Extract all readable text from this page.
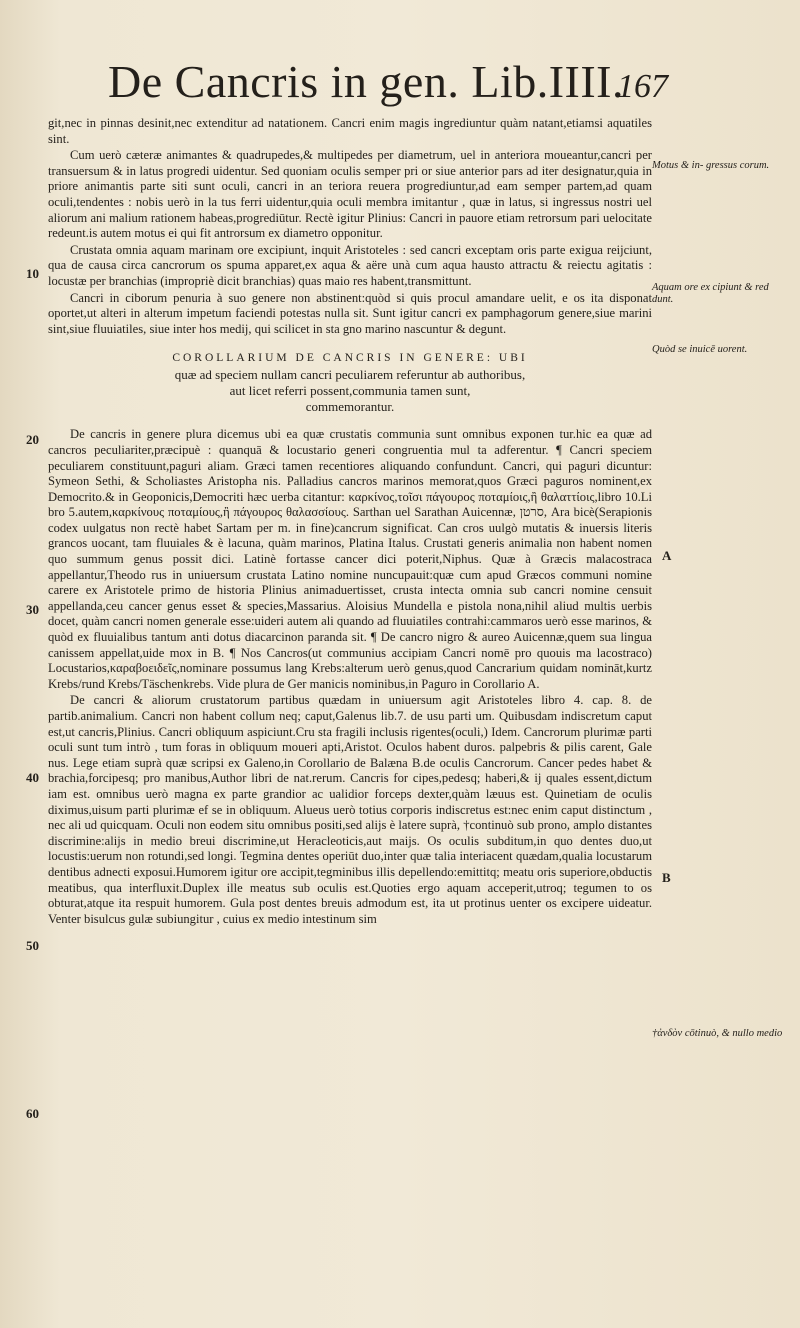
De Cancris in gen. Lib.IIII.
167
10
20
30
40
50
60
Motus & in- gressus corum.
Aquam ore ex cipiunt & red dunt.
Quòd se inuicē uorent.
A
B
†ἀνδὸν cōtinuò, & nullo medio

git,nec in pinnas desinit,nec extenditur ad natationem. Cancri enim magis ingrediuntur quàm natant,etiamsi aquatiles sint.

Cum uerò cæteræ animantes & quadrupedes,& multipedes per diametrum, uel in anteriora moueantur,cancri per transuersum & in latus progredi uidentur. Sed quoniam oculis semper pri or siue anterior pars ad iter designatur,quia in priore animantis parte siti sunt oculi, cancri in an teriora reuera progrediuntur,ad eam semper partem,ad quam oculi,tendentes : nobis uerò in la tus ferri uidentur,quia oculi membra imitantur , quæ in latus, si ingressus nostri uel aliorum ani malium rationem habeas,progrediūtur. Rectè igitur Plinius: Cancri in pauore etiam retrorsum pari uelocitate redeunt.is autem motus ei qui fit antrorsum ex diametro opponitur.

Crustata omnia aquam marinam ore excipiunt, inquit Aristoteles : sed cancri exceptam oris parte exigua reijciunt, qua de causa circa cancrorum os spuma apparet,ex aqua & aëre unà cum aqua hausto attractu & reiectu agitatis : locustæ per branchias (impropriè dicit branchias) quas maio res habent,transmittunt.

Cancri in ciborum penuria à suo genere non abstinent:quòd si quis procul amandare uelit, e os ita disponat oportet,ut alteri in alterum impetum faciendi potestas nulla sit. Sunt igitur cancri ex pamphagorum genere,siue marini sint,siue fluuiatiles, siue inter hos medij, qui scilicet in sta gno marino nascuntur & degunt.

COROLLARIUM DE CANCRIS IN GENERE: UBI
quæ ad speciem nullam cancri peculiarem referuntur ab authoribus,
aut licet referri possent,communia tamen sunt,
commemorantur.

De cancris in genere plura dicemus ubi ea quæ crustatis communia sunt omnibus exponen tur.hic ea quæ ad cancros peculiariter,præcipuè : quanquā & locustario generi congruentia mul ta adferentur. ¶ Cancri speciem peculiarem constituunt,paguri aliam. Græci tamen recentiores aliquando confundunt. Cancri, qui paguri dicuntur: Symeon Sethi, & Scholiastes Aristopha nis. Palladius cancros marinos memorat,quos Græci paguros nominent,ex Democrito.& in Geoponicis,Democriti hæc uerba citantur: καρκίνος,τοῖσι πάγουρος ποταμίοις,ἢ θαλαττίοις,libro 10.Li bro 5.autem,καρκίνους ποταμίους,ἢ πάγουρος θαλασσίους. Sarthan uel Sarathan Auicennæ, סרטן, Ara bicè(Serapionis codex uulgatus non rectè habet Sartam per m. in fine)cancrum significat. Can cros uulgò mutatis & inuersis literis grancos uocant, tam fluuiales & è lacuna, quàm marinos, Platina Italus. Crustati generis animalia non habent nomen quo summum genus possit dici. Latinè fortasse cancer dici poterit,Niphus. Quæ à Græcis malacostraca appellantur,Theodo rus in uniuersum crustata Latino nomine nuncupauit:quæ cum apud Græcos communi nomine carere ex Aristotele primo de historia Plinius animaduertisset, crusta intecta omnia sub cancri nomine censuit appellanda,ceu cancer genus esset & species,Massarius. Aloisius Mundella e pistola nona,nihil aliud multis uerbis docet, quàm cancri nomen generale esse:uideri autem ali quando ad fluuiatiles contrahi:cammaros uerò esse marinos, & quòd ex fluuialibus tantum anti dotus diacarcinon paranda sit. ¶ De cancro nigro & aureo Auicennæ,quem sua lingua canissem appellat,uide mox in B. ¶ Nos Cancros(ut communius accipiam Cancri nomē pro quouis ma lacostraco) Locustarios,καραβοειδεῖς,nominare possumus lang Krebs:alterum uerò genus,quod Cancrarium quidam nomināt,kurtz Krebs/rund Krebs/Täschenkrebs. Vide plura de Ger manicis nominibus,in Paguro in Corollario A.

De cancri & aliorum crustatorum partibus quædam in uniuersum agit Aristoteles libro 4. cap. 8. de partib.animalium. Cancri non habent collum neq; caput,Galenus lib.7. de usu parti um. Quibusdam indiscretum caput est,ut cancris,Plinius. Cancri obliquum aspiciunt.Cru sta fragili inclusis rigentes(oculi,) Idem. Cancrorum plurimæ parti oculi sunt tum intrò , tum foras in obliquum moueri apti,Aristot. Oculos habent duros. palpebris & pilis carent, Gale nus. Lege etiam suprà quæ scripsi ex Galeno,in Corollario de Balæna B.de oculis Cancrorum. Cancer pedes habet & brachia,forcipesq; pro manibus,Author libri de nat.rerum. Cancris for cipes,pedesq; haberi,& ij quales essent,dictum iam est. omnibus uerò magna ex parte grandior ac ualidior forceps dexter,quàm læuus est. Quinetiam de oculis diximus,uisum parti plurimæ ef se in obliquum. Alueus uerò totius corporis indiscretus est:nec enim caput distinctum , nec ali ud quicquam. Oculi non eodem situ omnibus positi,sed alijs è latere suprà, †continuò sub prono, amplo distantes discrimine:alijs in medio breui discrimine,ut Heracleoticis,aut maijs. Os oculis subditum,in quo dentes duo,ut locustis:uerum non rotundi,sed longi. Tegmina dentes operiūt duo,inter quæ talia interiacent quædam,qualia locustarum dentibus adnecti exposui.Humorem igitur ore accipit,tegminibus illis depellendo:emittitq; meatu oris superiore,obductis meatibus, qua interfluxit.Duplex ille meatus sub oculis est.Quoties ergo aquam acceperit,utroq; tegumen to os obturat,atque ita respuit humorem. Gula post dentes breuis admodum est, ita ut protinus uenter os excipere uideatur. Venter bisulcus gulæ subiungitur , cuius ex medio intestinum sim
